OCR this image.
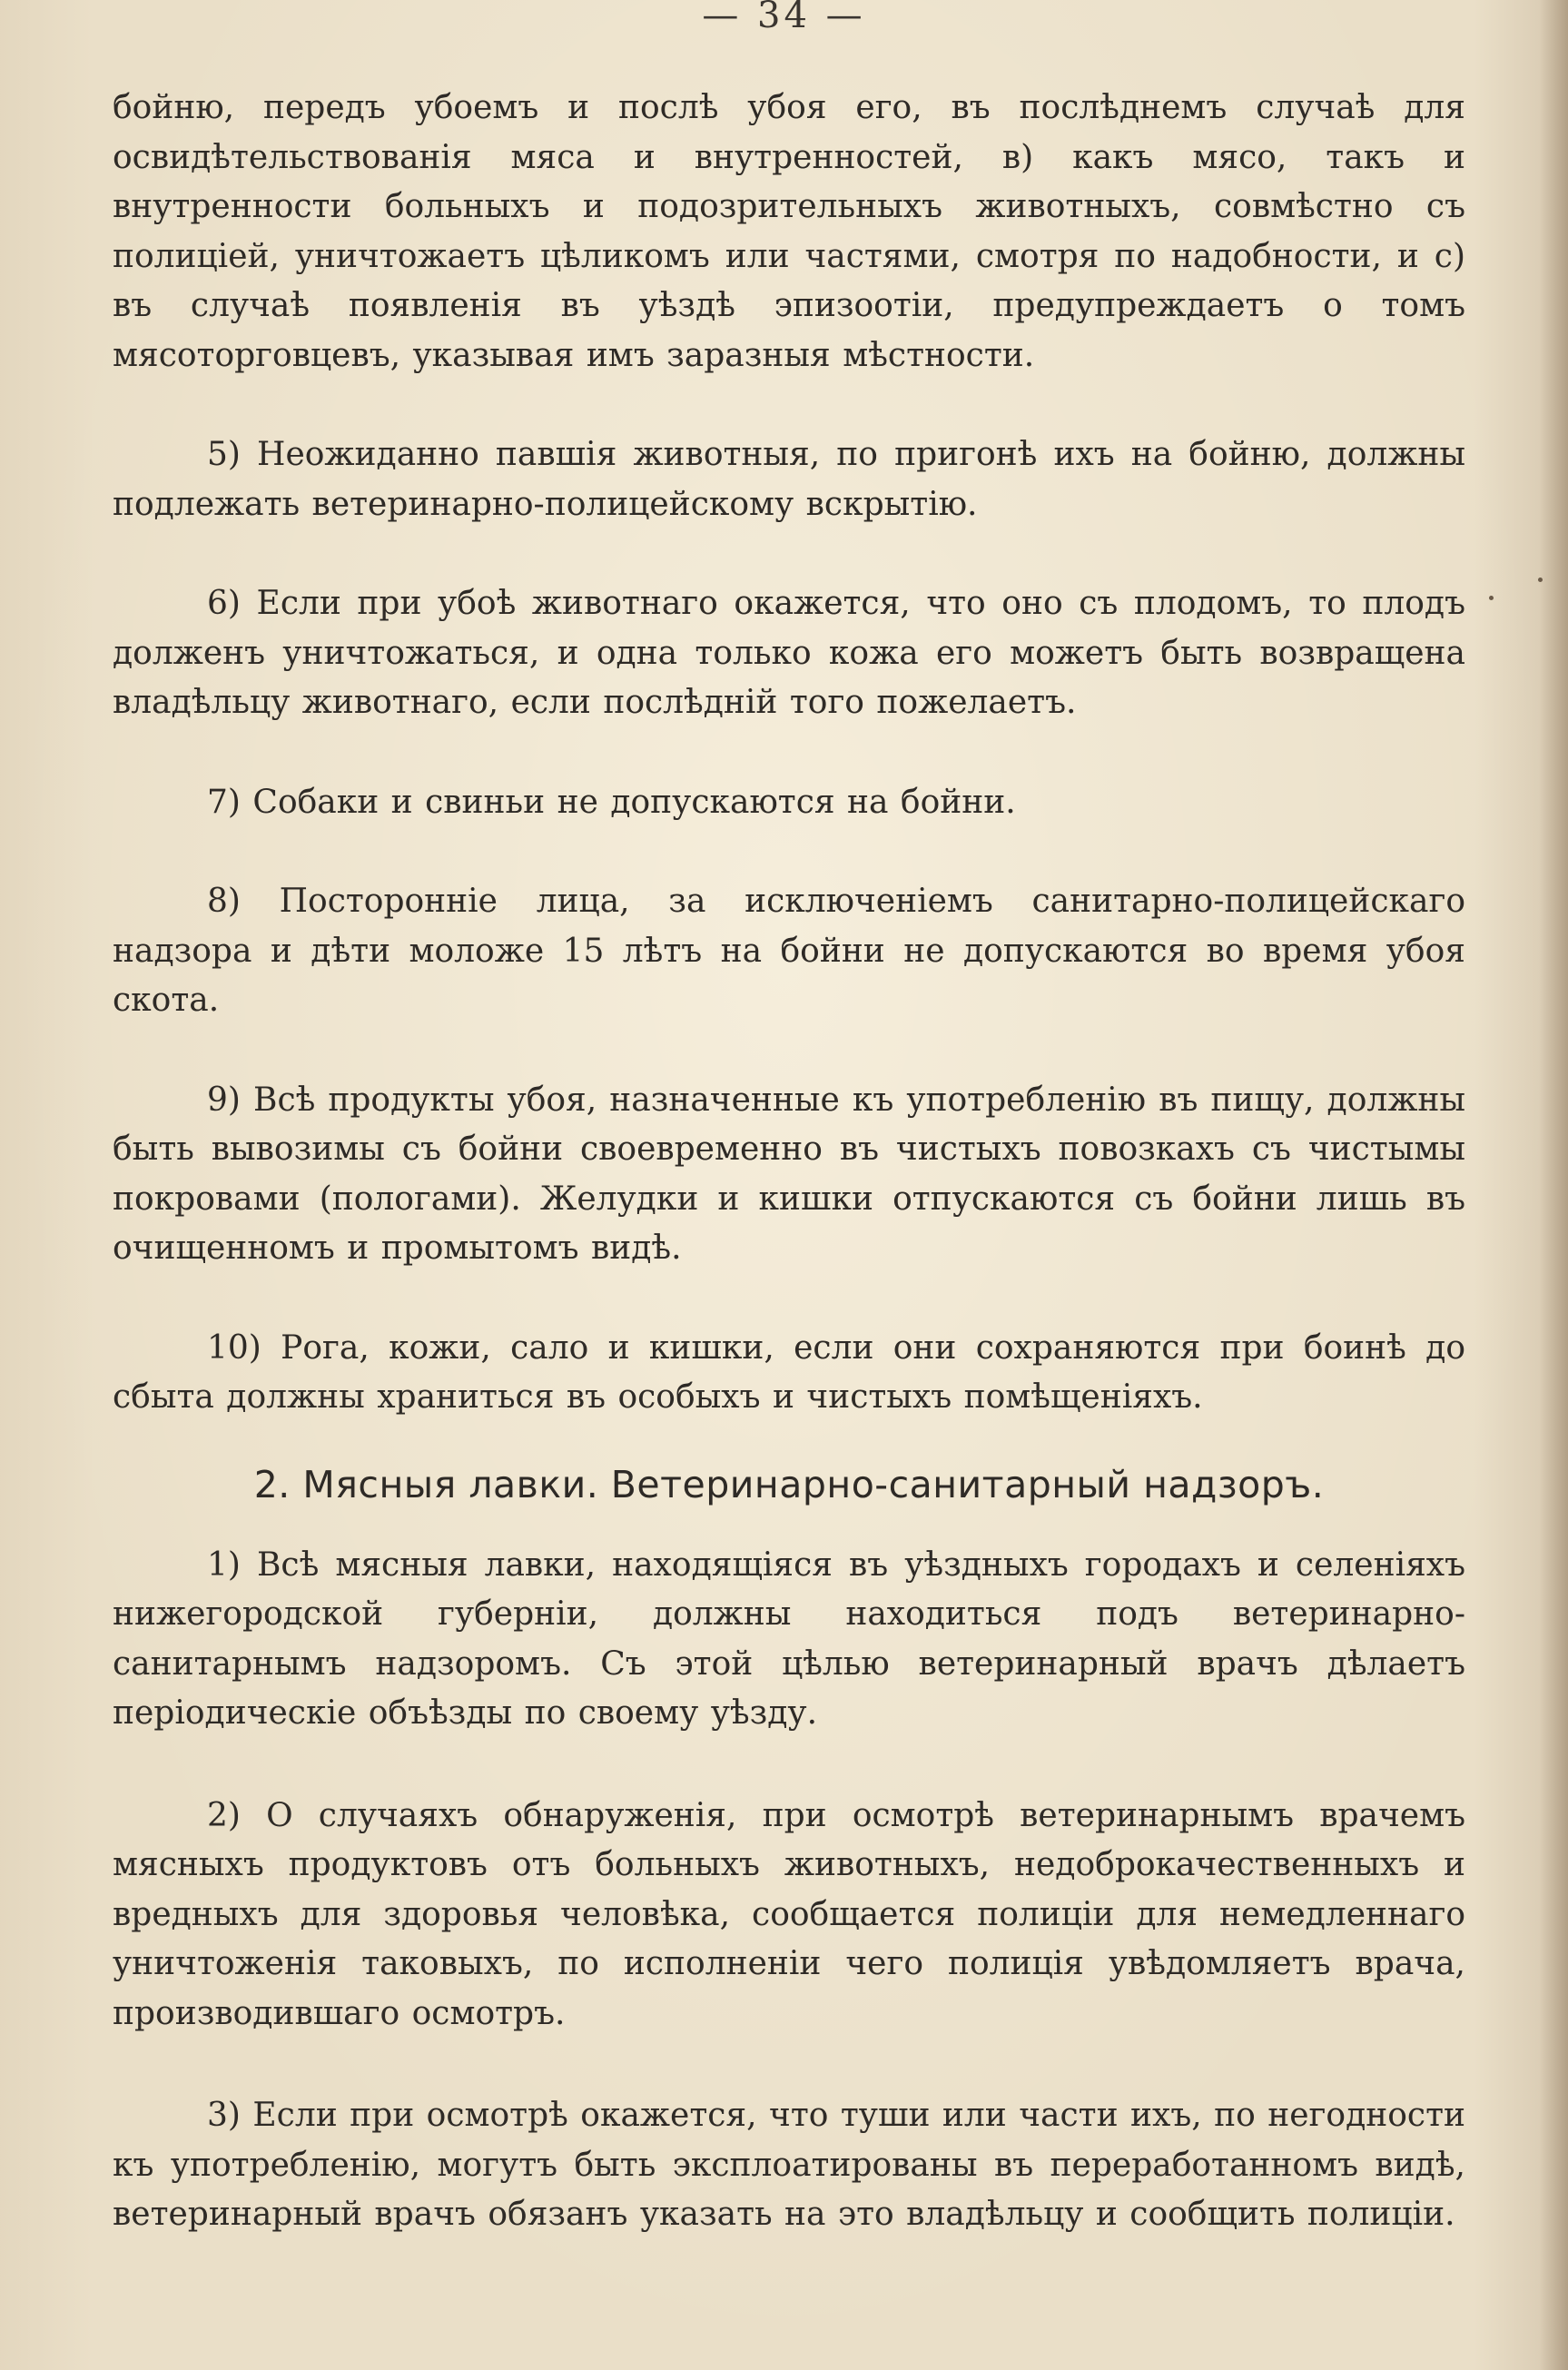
— 34 —

бойню, передъ убоемъ и послѣ убоя его, въ послѣднемъ случаѣ для освидѣтельствованія мяса и внутренностей, в) какъ мясо, такъ и внутренности больныхъ и подозрительныхъ животныхъ, совмѣстно съ полиціей, уничтожаетъ цѣликомъ или частями, смотря по надобности, и с) въ случаѣ появленія въ уѣздѣ эпизоотіи, предупреждаетъ о томъ мясоторговцевъ, указывая имъ заразныя мѣстности.

5) Неожиданно павшія животныя, по пригонѣ ихъ на бойню, должны подлежать ветеринарно-полицейскому вскрытію.

6) Если при убоѣ животнаго окажется, что оно съ плодомъ, то плодъ долженъ уничтожаться, и одна только кожа его можетъ быть возвращена владѣльцу животнаго, если послѣдній того пожелаетъ.

7) Собаки и свиньи не допускаются на бойни.

8) Посторонніе лица, за исключеніемъ санитарно-полицейскаго надзора и дѣти моложе 15 лѣтъ на бойни не допускаются во время убоя скота.

9) Всѣ продукты убоя, назначенные къ употребленію въ пищу, должны быть вывозимы съ бойни своевременно въ чистыхъ повозкахъ съ чистымы покровами (пологами). Желудки и кишки отпускаются съ бойни лишь въ очищенномъ и промытомъ видѣ.

10) Рога, кожи, сало и кишки, если они сохраняются при боинѣ до сбыта должны храниться въ особыхъ и чистыхъ помѣщеніяхъ.

2. Мясныя лавки. Ветеринарно-санитарный надзоръ.

1) Всѣ мясныя лавки, находящіяся въ уѣздныхъ городахъ и селеніяхъ нижегородской губерніи, должны находиться подъ ветеринарно-санитарнымъ надзоромъ. Съ этой цѣлью ветеринарный врачъ дѣлаетъ періодическіе объѣзды по своему уѣзду.

2) О случаяхъ обнаруженія, при осмотрѣ ветеринарнымъ врачемъ мясныхъ продуктовъ отъ больныхъ животныхъ, недоброкачественныхъ и вредныхъ для здоровья человѣка, сообщается полиціи для немедленнаго уничтоженія таковыхъ, по исполненіи чего полиція увѣдомляетъ врача, производившаго осмотръ.

3) Если при осмотрѣ окажется, что туши или части ихъ, по негодности къ употребленію, могутъ быть эксплоатированы въ переработанномъ видѣ, ветеринарный врачъ обязанъ указать на это владѣльцу и сообщить полиціи.
